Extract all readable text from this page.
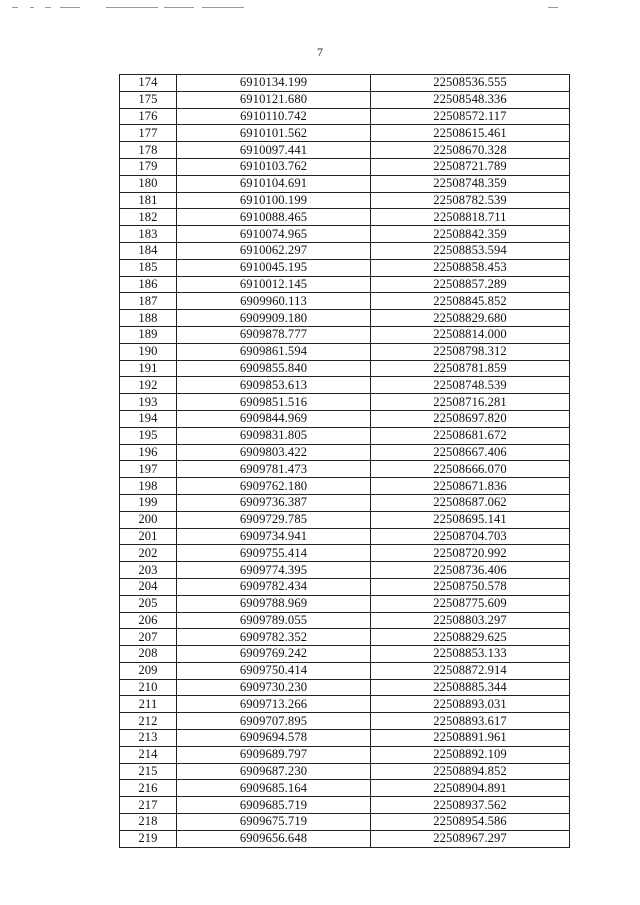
7
174	6910134.199	22508536.555
175	6910121.680	22508548.336
176	6910110.742	22508572.117
177	6910101.562	22508615.461
178	6910097.441	22508670.328
179	6910103.762	22508721.789
180	6910104.691	22508748.359
181	6910100.199	22508782.539
182	6910088.465	22508818.711
183	6910074.965	22508842.359
184	6910062.297	22508853.594
185	6910045.195	22508858.453
186	6910012.145	22508857.289
187	6909960.113	22508845.852
188	6909909.180	22508829.680
189	6909878.777	22508814.000
190	6909861.594	22508798.312
191	6909855.840	22508781.859
192	6909853.613	22508748.539
193	6909851.516	22508716.281
194	6909844.969	22508697.820
195	6909831.805	22508681.672
196	6909803.422	22508667.406
197	6909781.473	22508666.070
198	6909762.180	22508671.836
199	6909736.387	22508687.062
200	6909729.785	22508695.141
201	6909734.941	22508704.703
202	6909755.414	22508720.992
203	6909774.395	22508736.406
204	6909782.434	22508750.578
205	6909788.969	22508775.609
206	6909789.055	22508803.297
207	6909782.352	22508829.625
208	6909769.242	22508853.133
209	6909750.414	22508872.914
210	6909730.230	22508885.344
211	6909713.266	22508893.031
212	6909707.895	22508893.617
213	6909694.578	22508891.961
214	6909689.797	22508892.109
215	6909687.230	22508894.852
216	6909685.164	22508904.891
217	6909685.719	22508937.562
218	6909675.719	22508954.586
219	6909656.648	22508967.297
